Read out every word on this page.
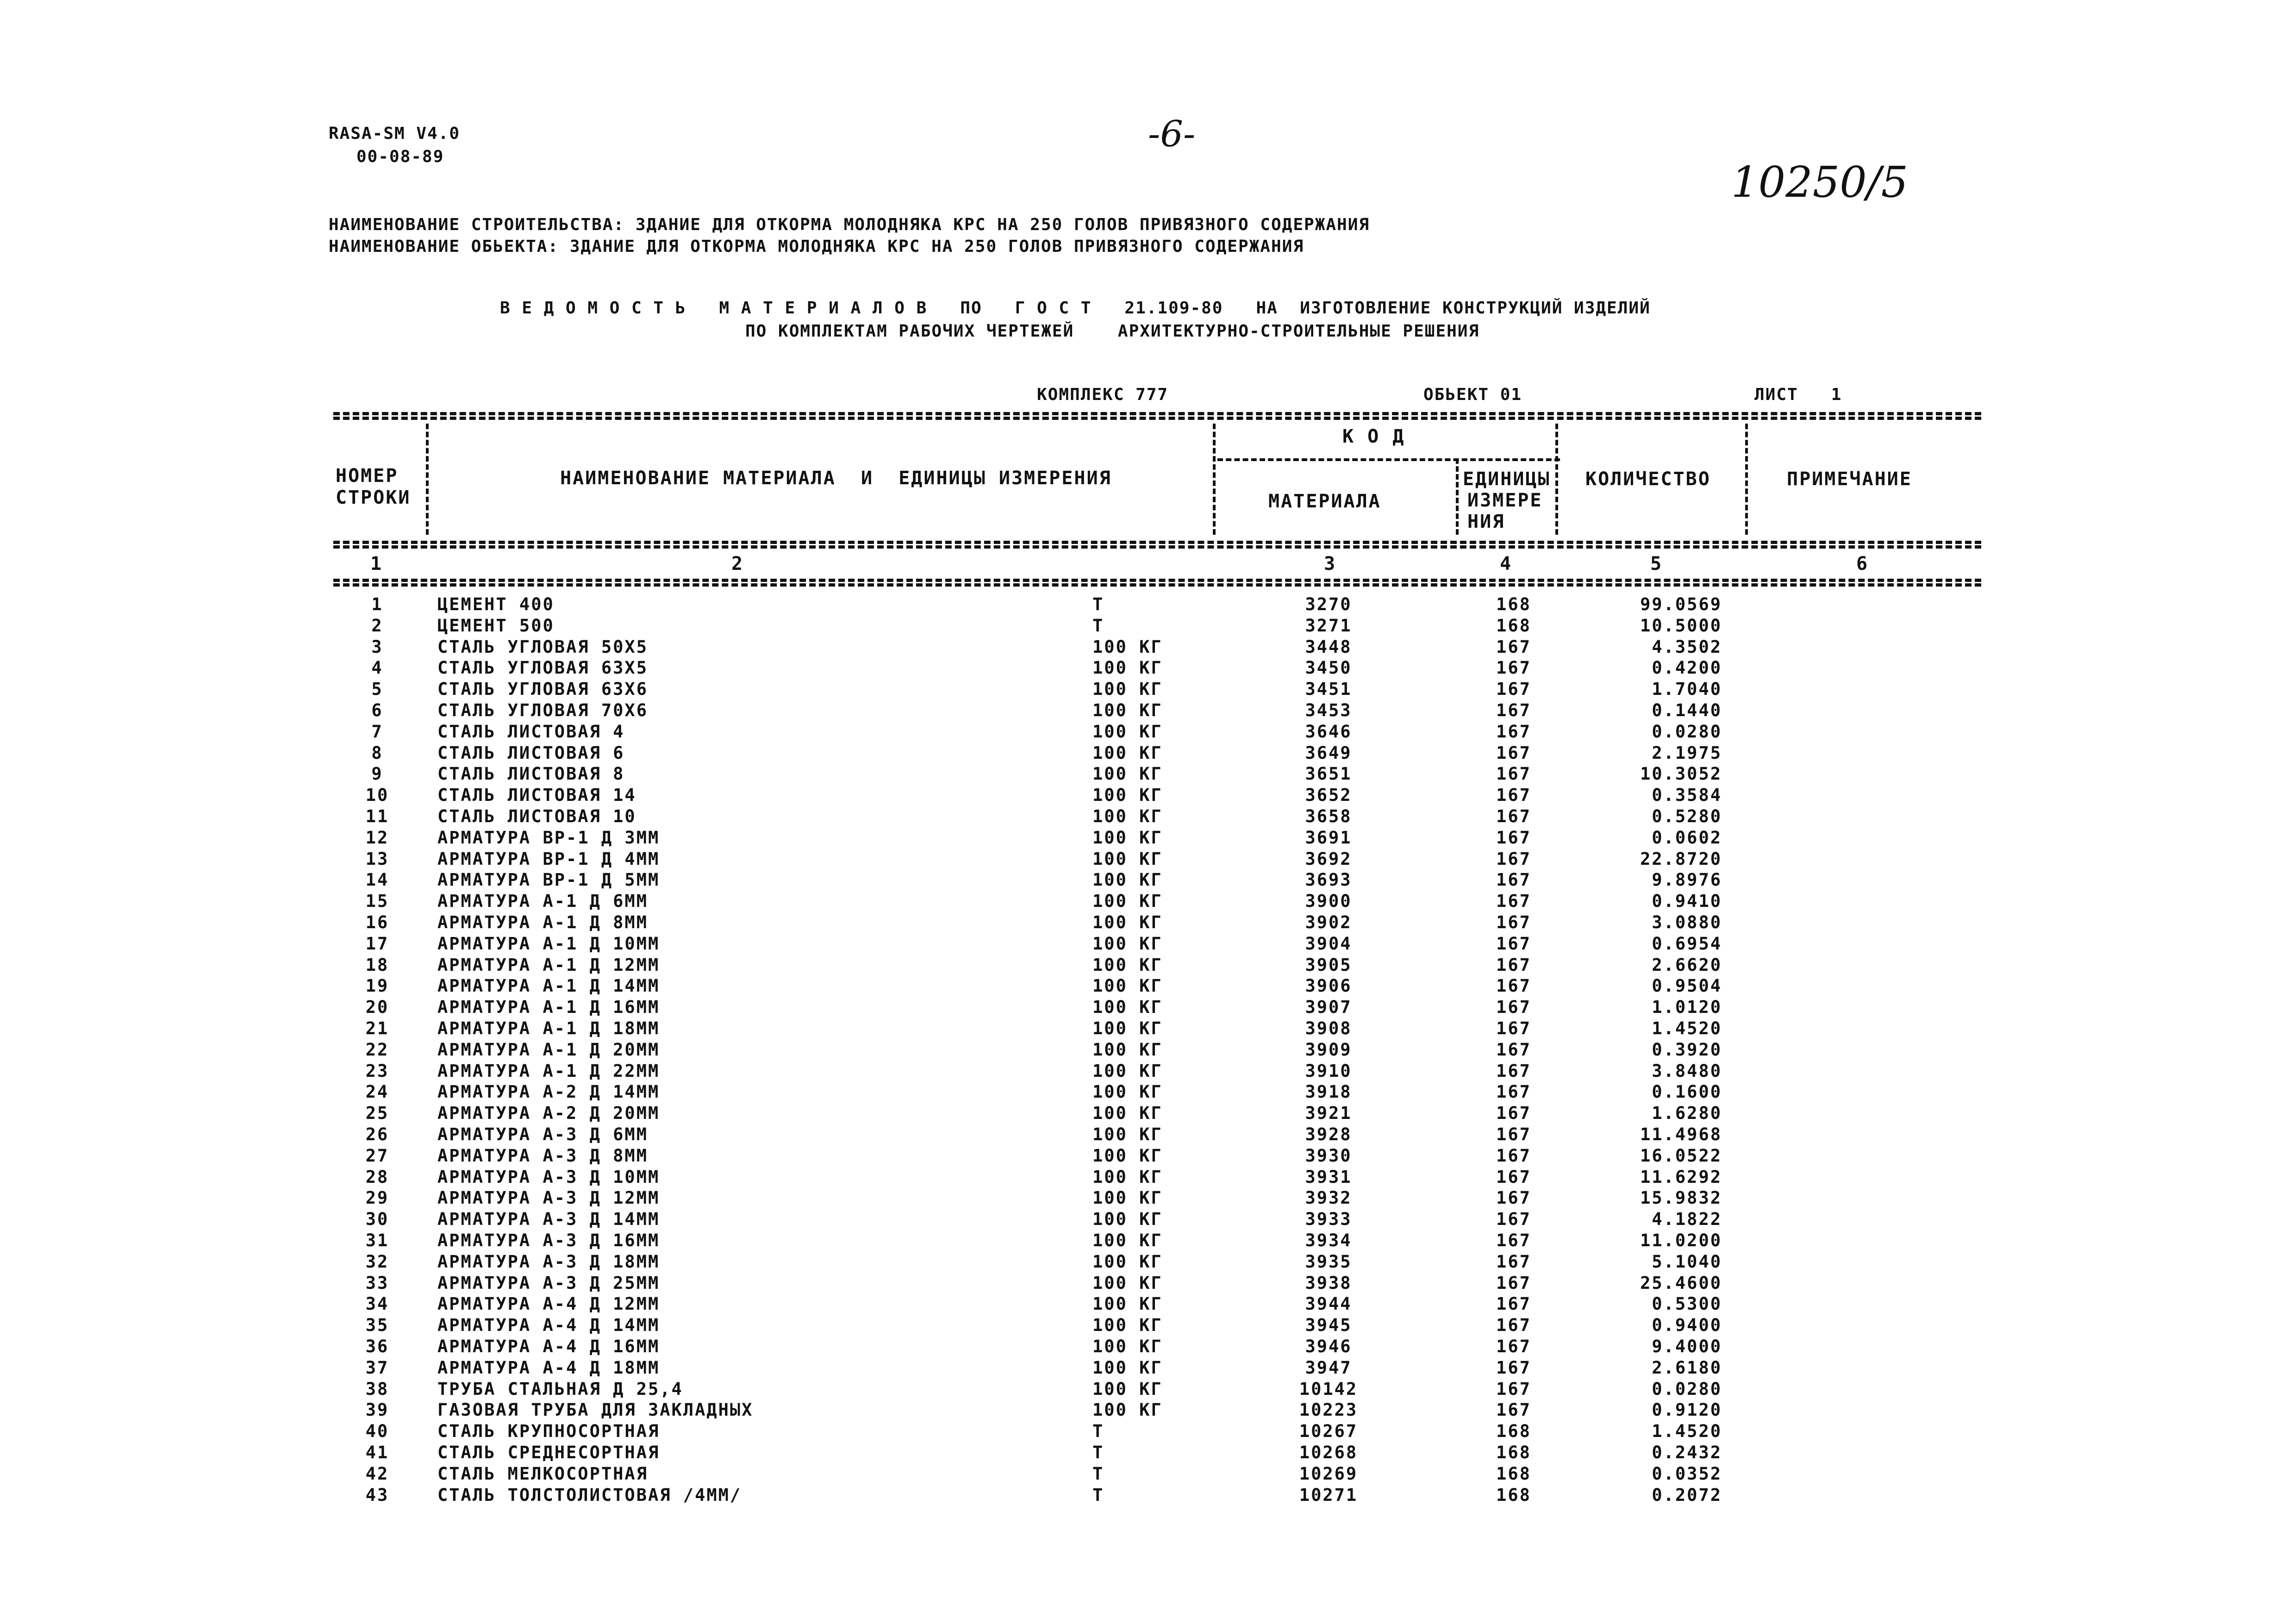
RASA-SM V4.0
00-08-89
-6-
10250/5
НАИМЕНОВАНИЕ СТРОИТЕЛЬСТВА: ЗДАНИЕ ДЛЯ ОТКОРМА МОЛОДНЯКА КРС НА 250 ГОЛОВ ПРИВЯЗНОГО СОДЕРЖАНИЯ
НАИМЕНОВАНИЕ ОБЬЕКТА: ЗДАНИЕ ДЛЯ ОТКОРМА МОЛОДНЯКА КРС НА 250 ГОЛОВ ПРИВЯЗНОГО СОДЕРЖАНИЯ
В Е Д О М О С Т Ь   М А Т Е Р И А Л О В   ПО   Г О С Т   21.109-80   НА  ИЗГОТОВЛЕНИЕ КОНСТРУКЦИЙ ИЗДЕЛИЙ
ПО КОМПЛЕКТАМ РАБОЧИХ ЧЕРТЕЖЕЙ    АРХИТЕКТУРНО-СТРОИТЕЛЬНЫЕ РЕШЕНИЯ
КОМПЛЕКС 777	ОБЬЕКТ 01	ЛИСТ   1
НОМЕР
СТРОКИ
НАИМЕНОВАНИЕ МАТЕРИАЛА  И  ЕДИНИЦЫ ИЗМЕРЕНИЯ
К О Д
МАТЕРИАЛА
ЕДИНИЦЫ
ИЗМЕРЕ
НИЯ
КОЛИЧЕСТВО	ПРИМЕЧАНИЕ
1	2	3	4	5	6
1	ЦЕМЕНТ 400	Т	3270	168	99.0569
2	ЦЕМЕНТ 500	Т	3271	168	10.5000
3	СТАЛЬ УГЛОВАЯ 50Х5	100 КГ	3448	167	4.3502
4	СТАЛЬ УГЛОВАЯ 63Х5	100 КГ	3450	167	0.4200
5	СТАЛЬ УГЛОВАЯ 63Х6	100 КГ	3451	167	1.7040
6	СТАЛЬ УГЛОВАЯ 70Х6	100 КГ	3453	167	0.1440
7	СТАЛЬ ЛИСТОВАЯ 4	100 КГ	3646	167	0.0280
8	СТАЛЬ ЛИСТОВАЯ 6	100 КГ	3649	167	2.1975
9	СТАЛЬ ЛИСТОВАЯ 8	100 КГ	3651	167	10.3052
10	СТАЛЬ ЛИСТОВАЯ 14	100 КГ	3652	167	0.3584
11	СТАЛЬ ЛИСТОВАЯ 10	100 КГ	3658	167	0.5280
12	АРМАТУРА ВР-1 Д 3ММ	100 КГ	3691	167	0.0602
13	АРМАТУРА ВР-1 Д 4ММ	100 КГ	3692	167	22.8720
14	АРМАТУРА ВР-1 Д 5ММ	100 КГ	3693	167	9.8976
15	АРМАТУРА А-1 Д 6ММ	100 КГ	3900	167	0.9410
16	АРМАТУРА А-1 Д 8ММ	100 КГ	3902	167	3.0880
17	АРМАТУРА А-1 Д 10ММ	100 КГ	3904	167	0.6954
18	АРМАТУРА А-1 Д 12ММ	100 КГ	3905	167	2.6620
19	АРМАТУРА А-1 Д 14ММ	100 КГ	3906	167	0.9504
20	АРМАТУРА А-1 Д 16ММ	100 КГ	3907	167	1.0120
21	АРМАТУРА А-1 Д 18ММ	100 КГ	3908	167	1.4520
22	АРМАТУРА А-1 Д 20ММ	100 КГ	3909	167	0.3920
23	АРМАТУРА А-1 Д 22ММ	100 КГ	3910	167	3.8480
24	АРМАТУРА А-2 Д 14ММ	100 КГ	3918	167	0.1600
25	АРМАТУРА А-2 Д 20ММ	100 КГ	3921	167	1.6280
26	АРМАТУРА А-3 Д 6ММ	100 КГ	3928	167	11.4968
27	АРМАТУРА А-3 Д 8ММ	100 КГ	3930	167	16.0522
28	АРМАТУРА А-3 Д 10ММ	100 КГ	3931	167	11.6292
29	АРМАТУРА А-3 Д 12ММ	100 КГ	3932	167	15.9832
30	АРМАТУРА А-3 Д 14ММ	100 КГ	3933	167	4.1822
31	АРМАТУРА А-3 Д 16ММ	100 КГ	3934	167	11.0200
32	АРМАТУРА А-3 Д 18ММ	100 КГ	3935	167	5.1040
33	АРМАТУРА А-3 Д 25ММ	100 КГ	3938	167	25.4600
34	АРМАТУРА А-4 Д 12ММ	100 КГ	3944	167	0.5300
35	АРМАТУРА А-4 Д 14ММ	100 КГ	3945	167	0.9400
36	АРМАТУРА А-4 Д 16ММ	100 КГ	3946	167	9.4000
37	АРМАТУРА А-4 Д 18ММ	100 КГ	3947	167	2.6180
38	ТРУБА СТАЛЬНАЯ Д 25,4	100 КГ	10142	167	0.0280
39	ГАЗОВАЯ ТРУБА ДЛЯ ЗАКЛАДНЫХ	100 КГ	10223	167	0.9120
40	СТАЛЬ КРУПНОСОРТНАЯ	Т	10267	168	1.4520
41	СТАЛЬ СРЕДНЕСОРТНАЯ	Т	10268	168	0.2432
42	СТАЛЬ МЕЛКОСОРТНАЯ	Т	10269	168	0.0352
43	СТАЛЬ ТОЛСТОЛИСТОВАЯ /4ММ/	Т	10271	168	0.2072
